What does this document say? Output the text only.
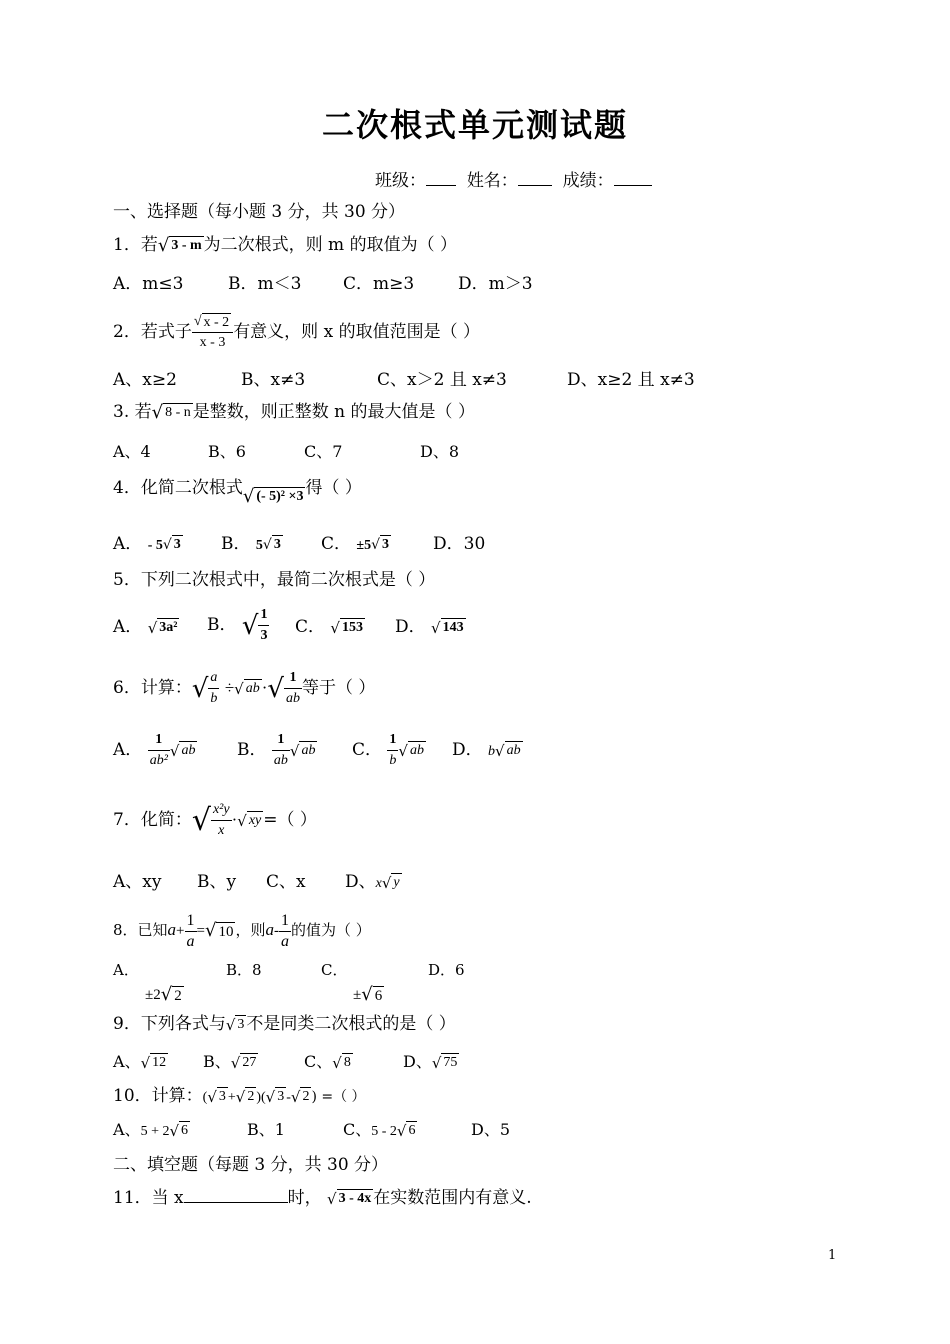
二次根式单元测试题
班级： 姓名：	成绩：
一、选择题（每小题 3 分，共 30 分）
1．若√ 3 - m 为二次根式，则 m 的取值为（ ）
A．m≤3	B．m＜3 C．m≥3	D．m＞3
2．若式子 $\frac{√ x - 2}{x - 3}$ 有意义，则 x 的取值范围是（ ）
A、x≥2	B、x≠3	C、x＞2 且 x≠3	D、x≥2 且 x≠3
3. 若√ 8 - n 是整数，则正整数 n 的最大值是（ ）
A、4	B、6	C、7	D、8
4．化简二次根式√ (- 5)² ×3 得（ ）
A． - 5√ 3 B． 5√ 3 C． ±5√ 3	D．30
5．下列二次根式中，最简二次根式是（ ）
A． √ 3a² B． √ $\frac{1}{3}$ C． √ 153 D． √ 143
6．计算：√ $\frac{a}{b}$ ÷√ ab ·√ $\frac{1}{ab}$ 等于（ ）
A． $\frac{1}{\text{ab²}}$ √ ab B． $\frac{1}{ab}$ √ ab C． $\frac{1}{b}$ √ ab D． b√ ab
7．化简：√ $\frac{\text{x²y}}{x}$ ·√ xy =（ ）
A、xy B、y C、x D、x√ y
8．已知$a+ \frac{1}{a}$ =√ 10 ，则$a- \frac{1}{a}$ 的值为（ ）
A．
±2√ 2
B．8	C．
±√ 6
D．6
9．下列各式与√ 3 不是同类二次根式的是（ ）
A、√ 12 B、√ 27	C、√ 8	D、√ 75
10．计算：(√ 3 +√ 2 )(√ 3 -√ 2 ) =（ ）
A、5 + 2√ 6	B、1	C、5 - 2√ 6	D、5
二、填空题（每题 3 分，共 30 分）
11．当 x	时， √ 3 - 4x 在实数范围内有意义.
1
